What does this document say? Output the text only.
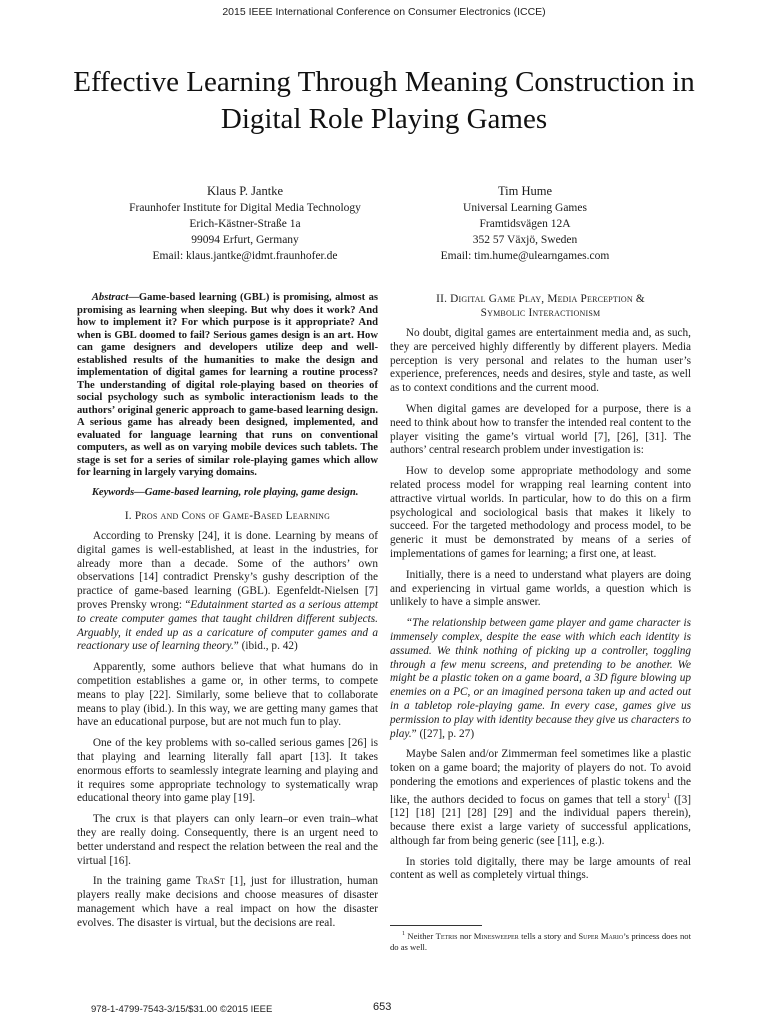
2015 IEEE International Conference on Consumer Electronics (ICCE)
Effective Learning Through Meaning Construction in
Digital Role Playing Games
Klaus P. Jantke
Fraunhofer Institute for Digital Media Technology
Erich-Kästner-Straße 1a
99094 Erfurt, Germany
Email: klaus.jantke@idmt.fraunhofer.de
Tim Hume
Universal Learning Games
Framtidsvägen 12A
352 57 Växjö, Sweden
Email: tim.hume@ulearngames.com

Abstract—Game-based learning (GBL) is promising, almost as promising as learning when sleeping. But why does it work? And how to implement it? For which purpose is it appropriate? And when is GBL doomed to fail? Serious games design is an art. How can game designers and developers utilize deep and well-established results of the humanities to make the design and implementation of digital games for learning a routine process? The understanding of digital role-playing based on theories of social psychology such as symbolic interactionism leads to the authors’ original generic approach to game-based learning design. A serious game has already been designed, implemented, and evaluated for language learning that runs on conventional computers, as well as on varying mobile devices such tablets. The stage is set for a series of similar role-playing games which allow for learning in largely varying domains.

Keywords—Game-based learning, role playing, game design.

I. Pros and Cons of Game-Based Learning

According to Prensky [24], it is done. Learning by means of digital games is well-established, at least in the industries, for already more than a decade. Some of the authors’ own observations [14] contradict Prensky’s gushy description of the practice of game-based learning (GBL). Egenfeldt-Nielsen [7] proves Prensky wrong: “Edutainment started as a serious attempt to create computer games that taught children different subjects. Arguably, it ended up as a caricature of computer games and a reactionary use of learning theory.” (ibid., p. 42)

Apparently, some authors believe that what humans do in competition establishes a game or, in other terms, to compete means to play [22]. Similarly, some believe that to collaborate means to play (ibid.). In this way, we are getting many games that have an educational purpose, but are not much fun to play.

One of the key problems with so-called serious games [26] is that playing and learning literally fall apart [13]. It takes enormous efforts to seamlessly integrate learning and playing and it requires some appropriate technology to systematically wrap educational theory into game play [19].

The crux is that players can only learn–or even train–what they are really doing. Consequently, there is an urgent need to better understand and respect the relation between the real and the virtual [16].

In the training game TraSt [1], just for illustration, human players really make decisions and choose measures of disaster management which have a real impact on how the disaster evolves. The disaster is virtual, but the decisions are real.

II. Digital Game Play, Media Perception &
Symbolic Interactionism

No doubt, digital games are entertainment media and, as such, they are perceived highly differently by different players. Media perception is very personal and relates to the human user’s experience, preferences, needs and desires, style and taste, as well as to context conditions and the current mood.

When digital games are developed for a purpose, there is a need to think about how to transfer the intended real content to the player visiting the game’s virtual world [7], [26], [31]. The authors’ central research problem under investigation is:

How to develop some appropriate methodology and some related process model for wrapping real learning content into attractive virtual worlds. In particular, how to do this on a firm psychological and sociological basis that makes it likely to succeed. For the targeted methodology and process model, to be generic it must be demonstrated by means of a series of implementations of games for learning; a first one, at least.

Initially, there is a need to understand what players are doing and experiencing in virtual game worlds, a question which is unlikely to have a simple answer.

“The relationship between game player and game character is immensely complex, despite the ease with which each identity is assumed. We think nothing of picking up a controller, toggling through a few menu screens, and pretending to be another. We might be a plastic token on a game board, a 3D figure blowing up enemies on a PC, or an imagined persona taken up and acted out in a tabletop role-playing game. In every case, games give us permission to play with identity because they give us characters to play.” ([27], p. 27)

Maybe Salen and/or Zimmerman feel sometimes like a plastic token on a game board; the majority of players do not. To avoid pondering the emotions and experiences of plastic tokens and the like, the authors decided to focus on games that tell a story$^1$ ([3] [12] [18] [21] [28] [29] and the individual papers therein), because there exist a large variety of successful applications, although far from being generic (see [11], e.g.).

In stories told digitally, there may be large amounts of real content as well as completely virtual things.

$^1$ Neither Tetris nor Minesweeper tells a story and Super Mario’s princess does not do as well.
978-1-4799-7543-3/15/$31.00 ©2015 IEEE	653
